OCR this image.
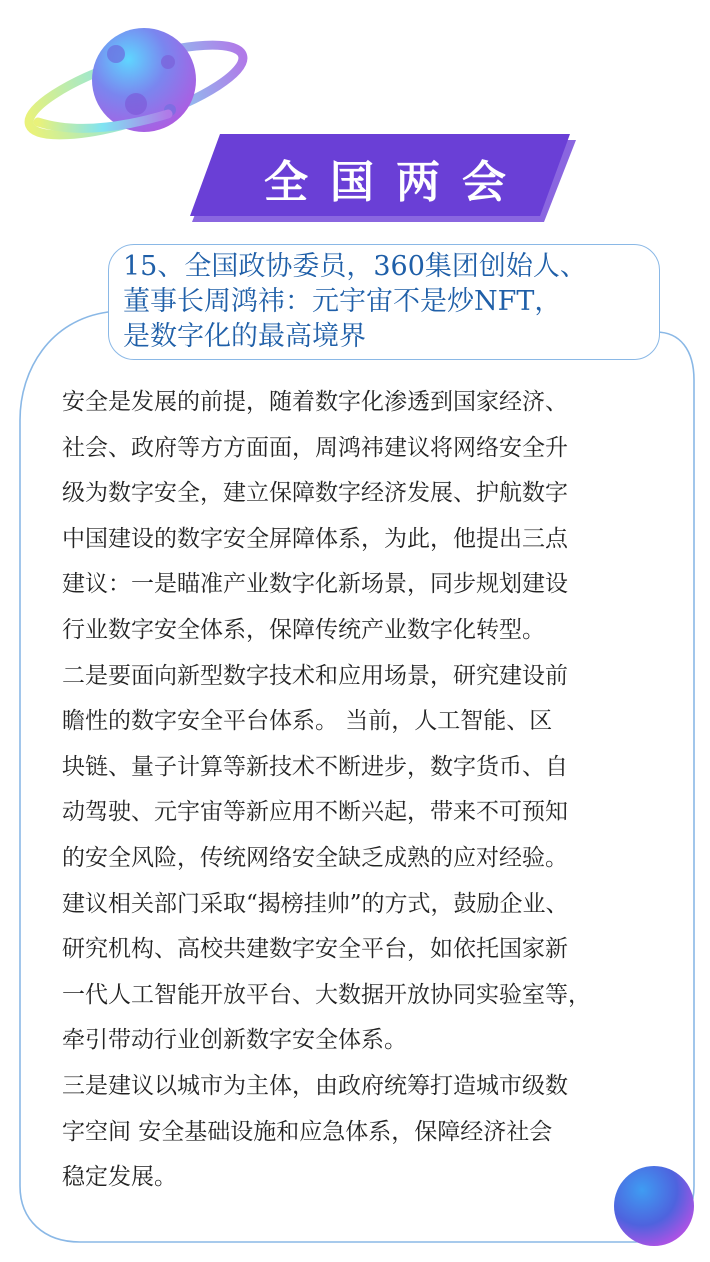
全国两会
15、全国政协委员，360集团创始人、
董事长周鸿祎：元宇宙不是炒NFT，
是数字化的最高境界
安全是发展的前提，随着数字化渗透到国家经济、
社会、政府等方方面面，周鸿祎建议将网络安全升
级为数字安全，建立保障数字经济发展、护航数字
中国建设的数字安全屏障体系，为此，他提出三点
建议：一是瞄准产业数字化新场景，同步规划建设
行业数字安全体系，保障传统产业数字化转型。
二是要面向新型数字技术和应用场景，研究建设前
瞻性的数字安全平台体系。 当前，人工智能、区
块链、量子计算等新技术不断进步，数字货币、自
动驾驶、元宇宙等新应用不断兴起，带来不可预知
的安全风险，传统网络安全缺乏成熟的应对经验。
建议相关部门采取“揭榜挂帅”的方式，鼓励企业、
研究机构、高校共建数字安全平台，如依托国家新
一代人工智能开放平台、大数据开放协同实验室等，
牵引带动行业创新数字安全体系。
三是建议以城市为主体，由政府统筹打造城市级数
字空间 安全基础设施和应急体系，保障经济社会
稳定发展。
